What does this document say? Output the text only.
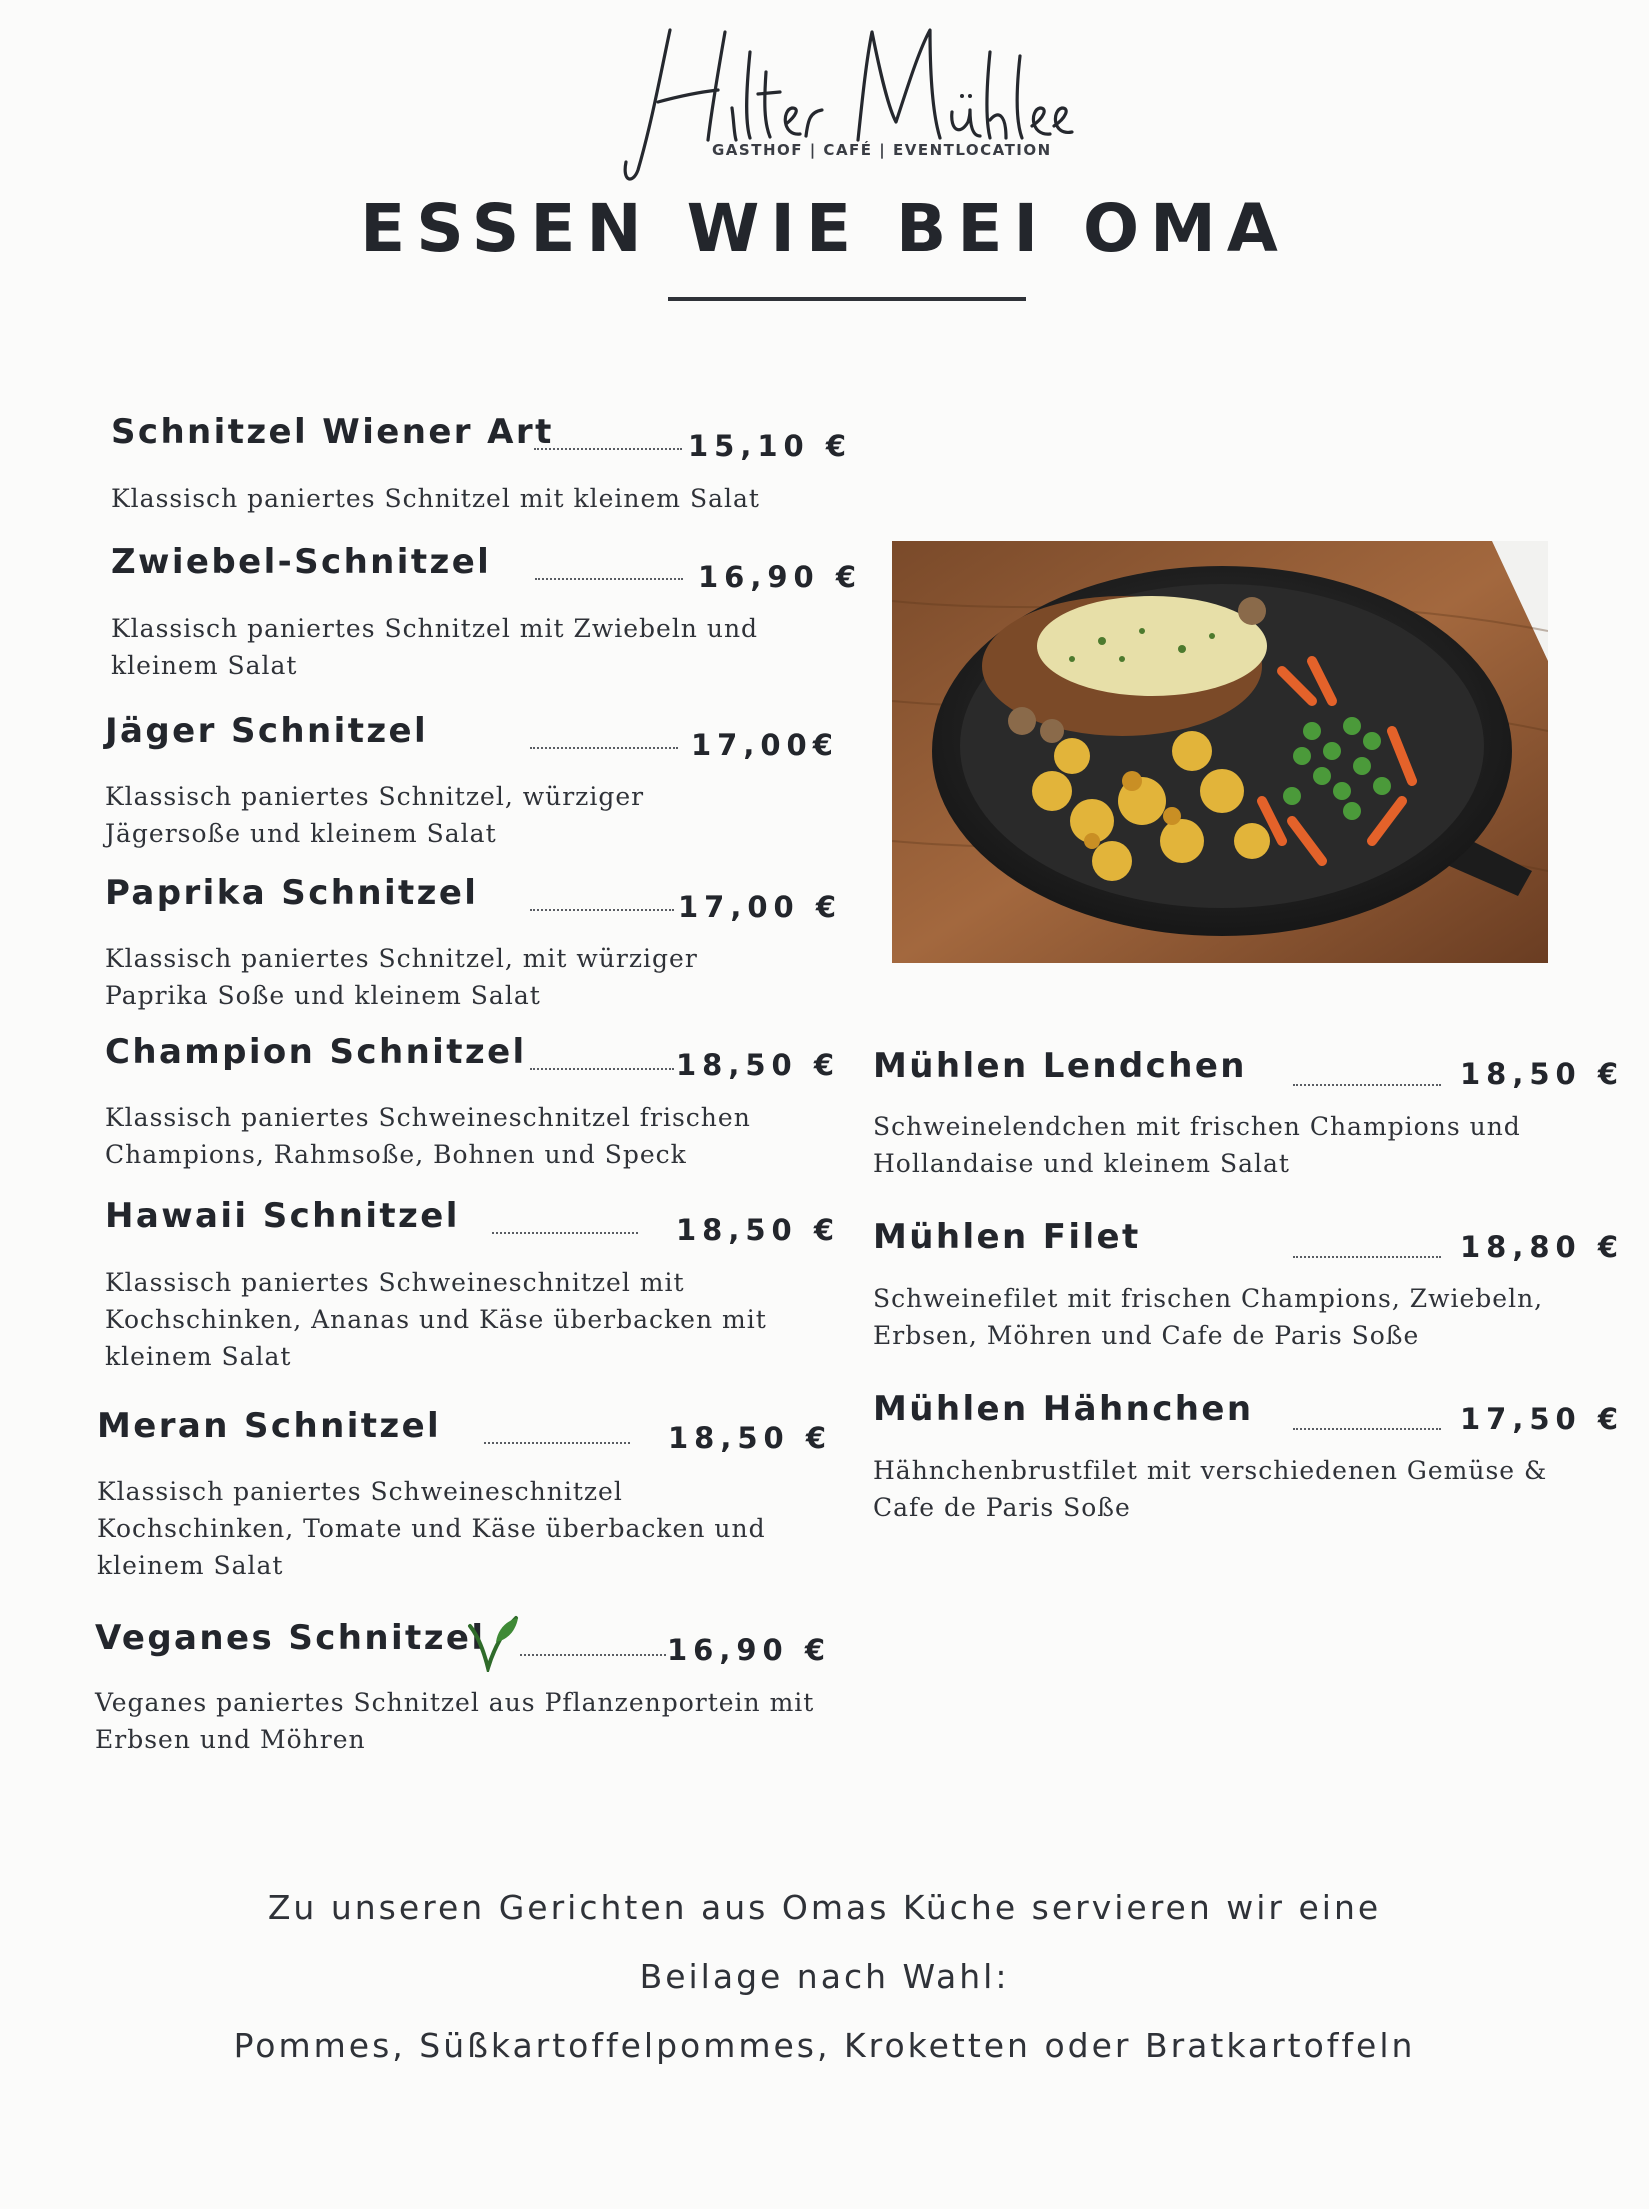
GASTHOF | CAFÉ | EVENTLOCATION
ESSEN WIE BEI OMA
Schnitzel Wiener Art	15,10 €
Klassisch paniertes Schnitzel mit kleinem Salat
Zwiebel-Schnitzel	16,90 €
Klassisch paniertes Schnitzel mit Zwiebeln und kleinem Salat
Jäger Schnitzel	17,00€
Klassisch paniertes Schnitzel, würziger Jägersoße und kleinem Salat
Paprika Schnitzel	17,00 €
Klassisch paniertes Schnitzel, mit würziger Paprika Soße und kleinem Salat
Champion Schnitzel	18,50 €
Klassisch paniertes Schweineschnitzel frischen Champions, Rahmsoße, Bohnen und Speck
Hawaii Schnitzel	18,50 €
Klassisch paniertes Schweineschnitzel mit Kochschinken, Ananas und Käse überbacken mit kleinem Salat
Meran Schnitzel	18,50 €
Klassisch paniertes Schweineschnitzel Kochschinken, Tomate und Käse überbacken und kleinem Salat
Veganes Schnitzel	16,90 €
Veganes paniertes Schnitzel aus Pflanzenportein mit Erbsen und Möhren
Mühlen Lendchen	18,50 €
Schweinelendchen mit frischen Champions und Hollandaise und kleinem Salat
Mühlen Filet	18,80 €
Schweinefilet mit frischen Champions, Zwiebeln, Erbsen, Möhren und Cafe de Paris Soße
Mühlen Hähnchen	17,50 €
Hähnchenbrustfilet mit verschiedenen Gemüse & Cafe de Paris Soße
Zu unseren Gerichten aus Omas Küche servieren wir eine
Beilage nach Wahl:
Pommes, Süßkartoffelpommes, Kroketten oder Bratkartoffeln
